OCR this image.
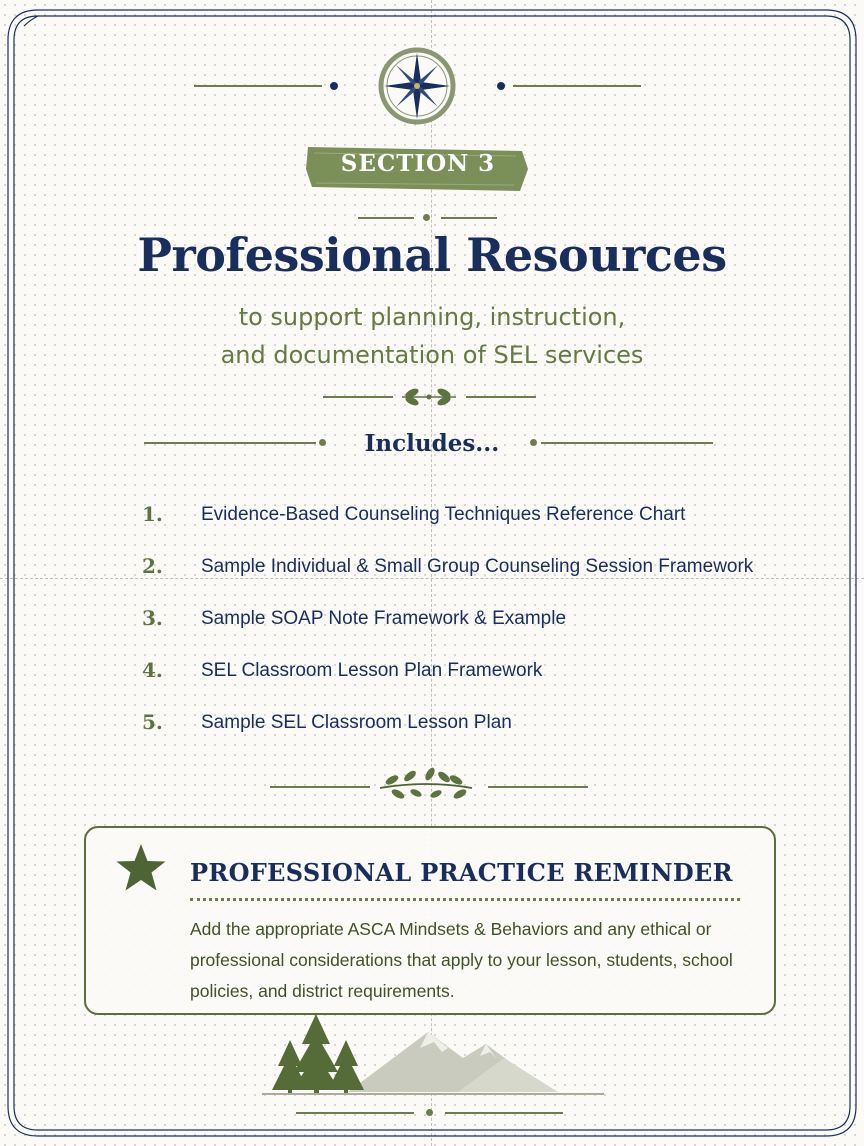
SECTION 3
Professional Resources
to support planning, instruction,
and documentation of SEL services
Includes...
1. Evidence-Based Counseling Techniques Reference Chart
2. Sample Individual & Small Group Counseling Session Framework
3. Sample SOAP Note Framework & Example
4. SEL Classroom Lesson Plan Framework
5. Sample SEL Classroom Lesson Plan
PROFESSIONAL PRACTICE REMINDER
Add the appropriate ASCA Mindsets & Behaviors and any ethical or professional considerations that apply to your lesson, students, school policies, and district requirements.
